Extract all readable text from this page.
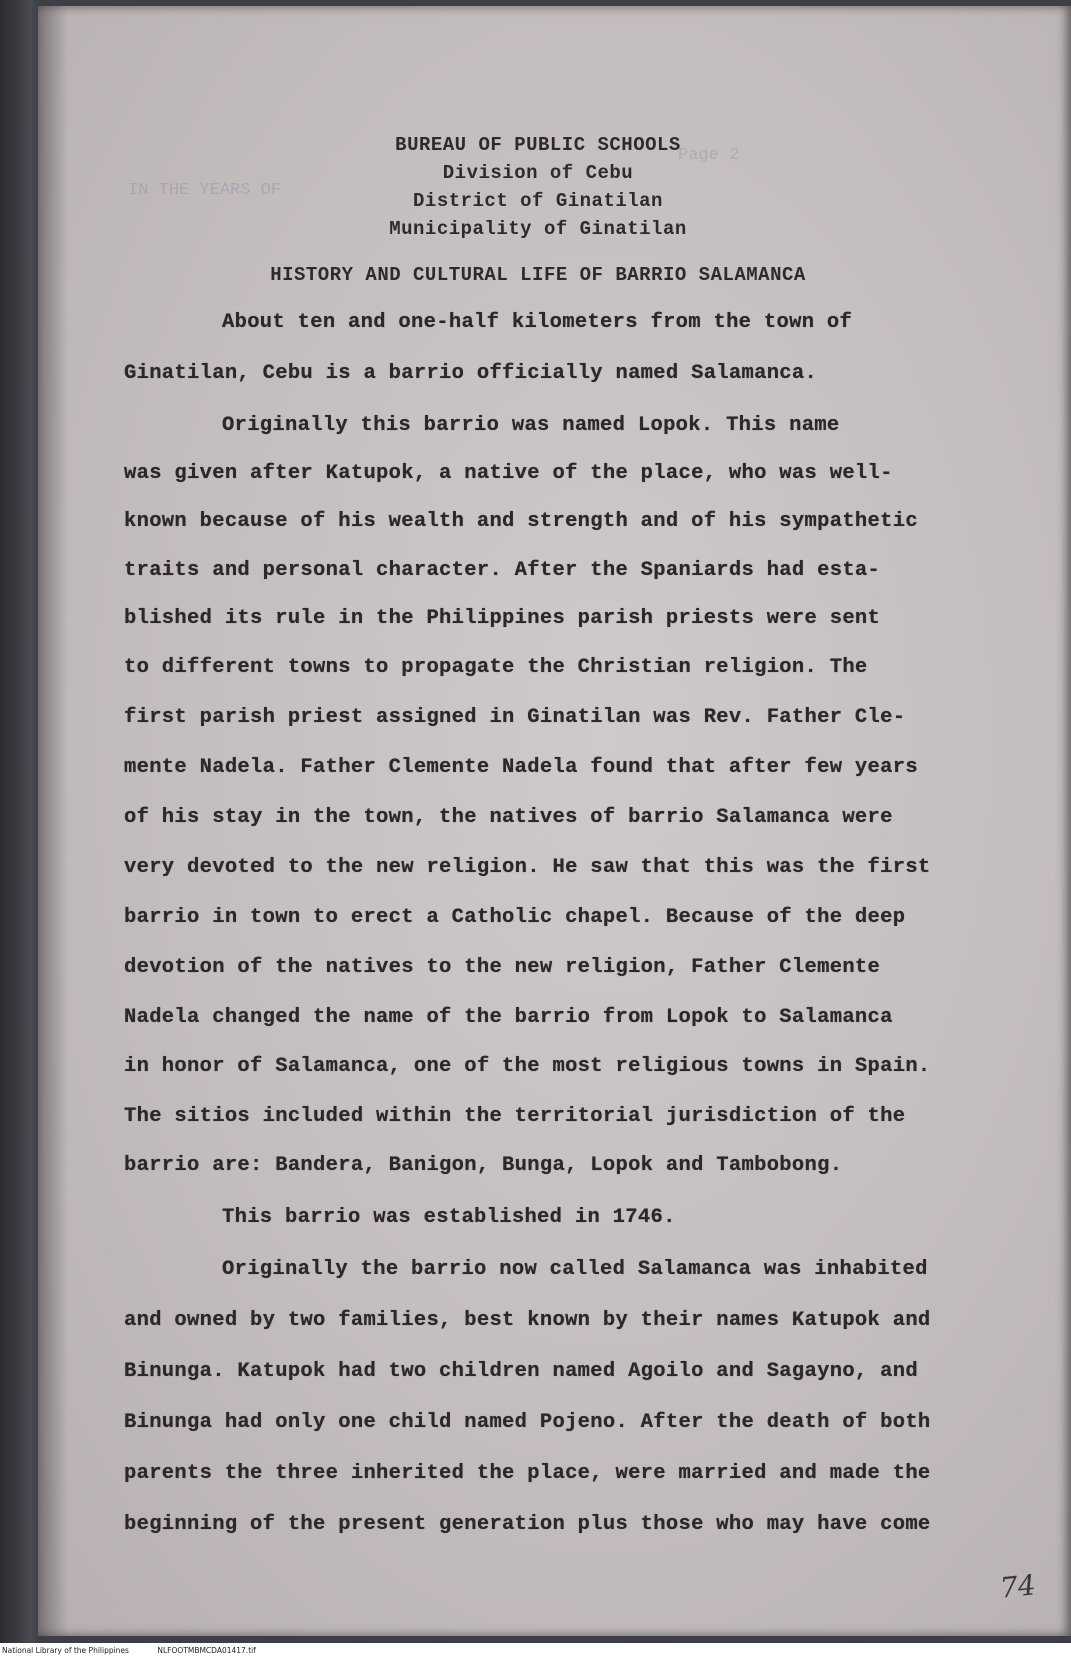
Page 2
IN THE YEARS OF
BUREAU OF PUBLIC SCHOOLS
Division of Cebu
District of Ginatilan
Municipality of Ginatilan
HISTORY AND CULTURAL LIFE OF BARRIO SALAMANCA
About ten and one-half kilometers from the town of
Ginatilan, Cebu is a barrio officially named Salamanca.
Originally this barrio was named Lopok. This name
was given after Katupok, a native of the place, who was well-
known because of his wealth and strength and of his sympathetic
traits and personal character. After the Spaniards had esta-
blished its rule in the Philippines parish priests were sent
to different towns to propagate the Christian religion. The
first parish priest assigned in Ginatilan was Rev. Father Cle-
mente Nadela. Father Clemente Nadela found that after few years
of his stay in the town, the natives of barrio Salamanca were
very devoted to the new religion. He saw that this was the first
barrio in town to erect a Catholic chapel. Because of the deep
devotion of the natives to the new religion, Father Clemente
Nadela changed the name of the barrio from Lopok to Salamanca
in honor of Salamanca, one of the most religious towns in Spain.
The sitios included within the territorial jurisdiction of the
barrio are: Bandera, Banigon, Bunga, Lopok and Tambobong.
This barrio was established in 1746.
Originally the barrio now called Salamanca was inhabited
and owned by two families, best known by their names Katupok and
Binunga. Katupok had two children named Agoilo and Sagayno, and
Binunga had only one child named Pojeno. After the death of both
parents the three inherited the place, were married and made the
beginning of the present generation plus those who may have come
74
National Library of the Philippines	NLFOOTMBMCDA01417.tif
